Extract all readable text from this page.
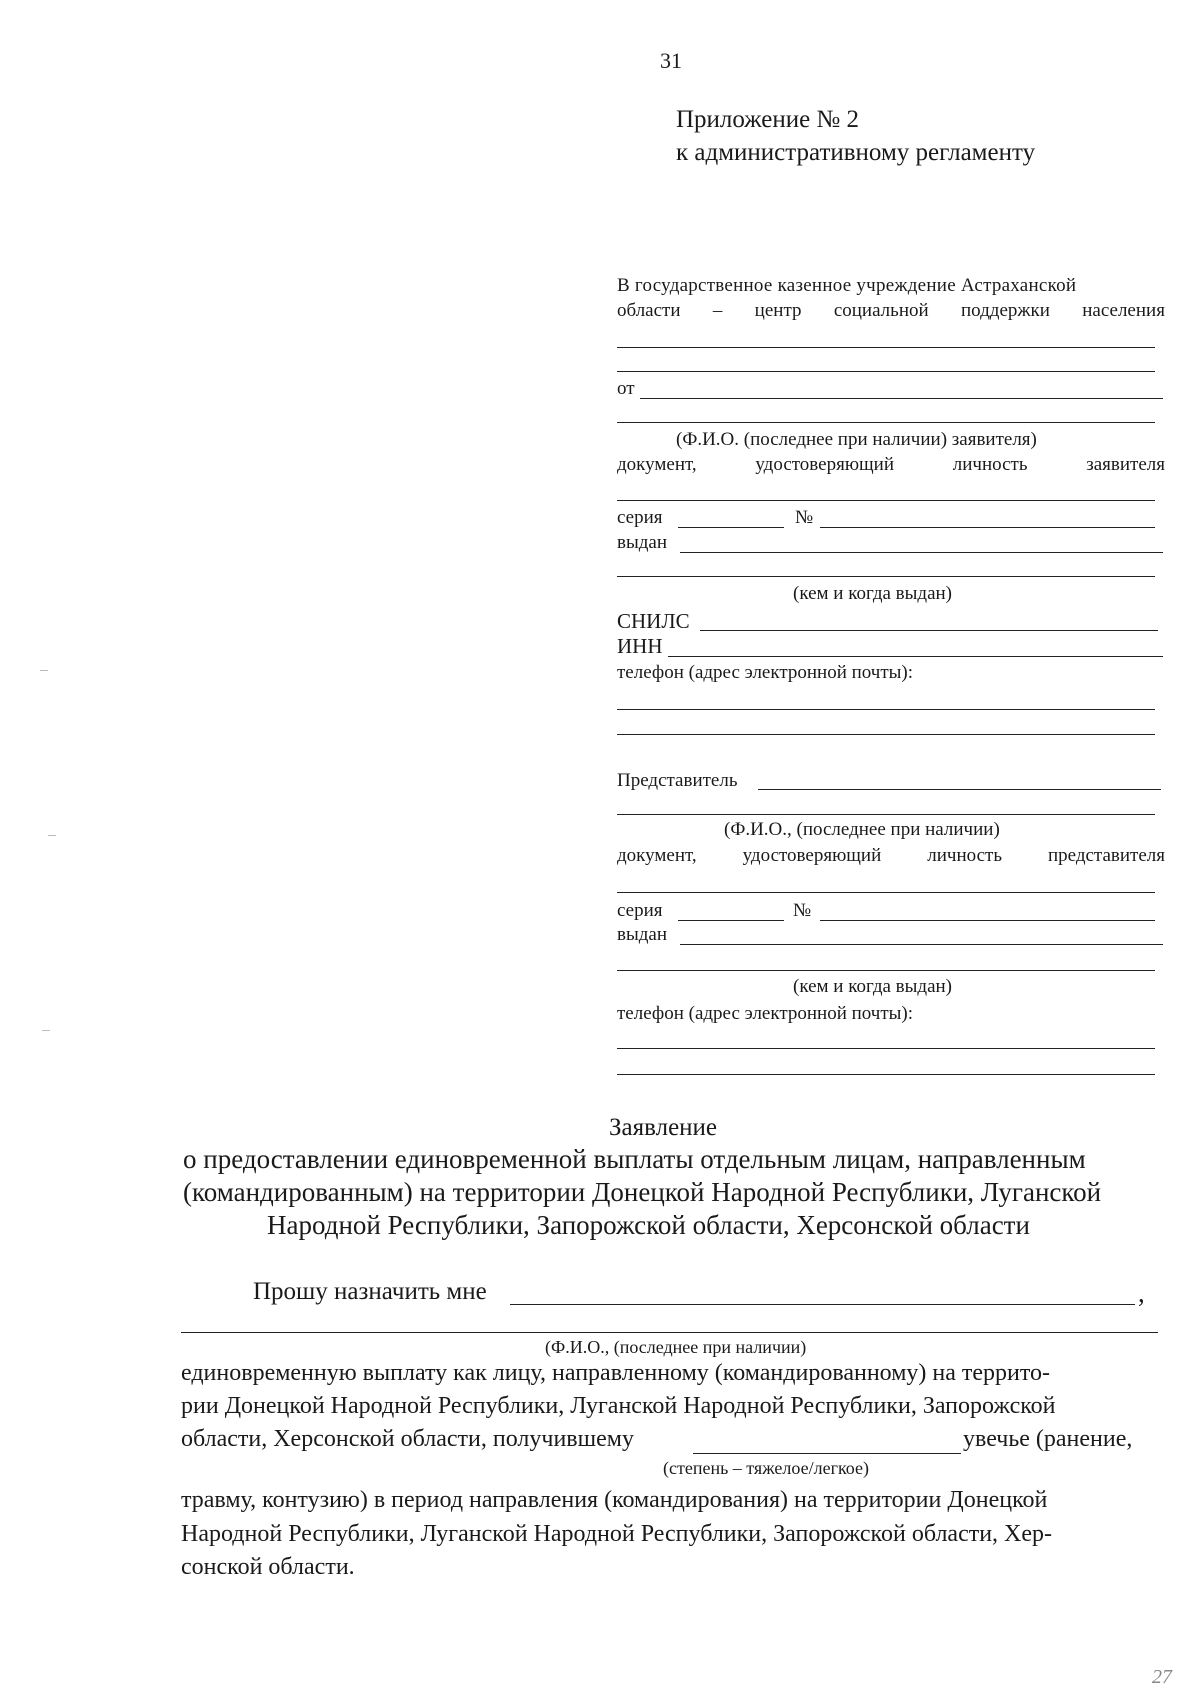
31
Приложение № 2
к административному регламенту
В государственное казенное учреждение Астраханской
области – центр социальной поддержки населения
от
(Ф.И.О. (последнее при наличии) заявителя)
документ,	удостоверяющий	личность	заявителя
серия	№
выдан
(кем и когда выдан)
СНИЛС
ИНН
телефон (адрес электронной почты):
Представитель
(Ф.И.О., (последнее при наличии)
документ, удостоверяющий личность представителя
серия	№
выдан
(кем и когда выдан)
телефон (адрес электронной почты):
Заявление
о предоставлении единовременной выплаты отдельным лицам, направленным
(командированным) на территории Донецкой Народной Республики, Луганской
Народной Республики, Запорожской области, Херсонской области
Прошу назначить мне	,
(Ф.И.О., (последнее при наличии)
единовременную выплату как лицу, направленному (командированному) на террито-
рии Донецкой Народной Республики, Луганской Народной Республики, Запорожской
области, Херсонской области, получившему	увечье (ранение,
(степень – тяжелое/легкое)
травму, контузию) в период направления (командирования) на территории Донецкой
Народной Республики, Луганской Народной Республики, Запорожской области, Хер-
сонской области.
27
